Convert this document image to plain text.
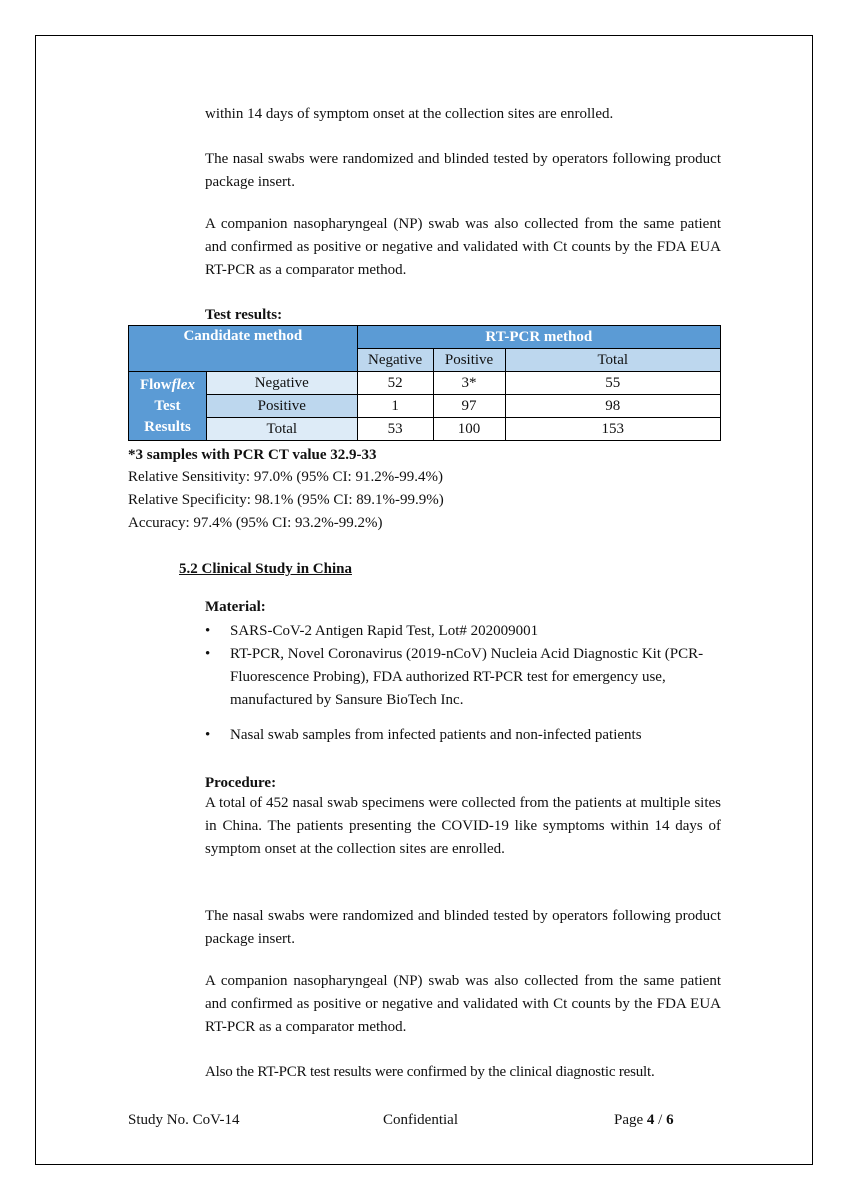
within 14 days of symptom onset at the collection sites are enrolled.

The nasal swabs were randomized and blinded tested by operators following product package insert.

A companion nasopharyngeal (NP) swab was also collected from the same patient and confirmed as positive or negative and validated with Ct counts by the FDA EUA RT-PCR as a comparator method.

Test results:

Candidate method		RT-PCR method		
		Negative	Positive	Total

Flowflex
Test
Results	Negative	52	3*	55
	Positive	1	97	98
	Total	53	100	153

*3 samples with PCR CT value 32.9-33

Relative Sensitivity: 97.0% (95% CI: 91.2%-99.4%)

Relative Specificity: 98.1% (95% CI: 89.1%-99.9%)

Accuracy: 97.4% (95% CI: 93.2%-99.2%)

5.2 Clinical Study in China

Material:

• SARS-CoV-2 Antigen Rapid Test, Lot# 202009001
• RT-PCR, Novel Coronavirus (2019-nCoV) Nucleia Acid Diagnostic Kit (PCR-Fluorescence Probing), FDA authorized RT-PCR test for emergency use, manufactured by Sansure BioTech Inc.
• Nasal swab samples from infected patients and non-infected patients

Procedure:

A total of 452 nasal swab specimens were collected from the patients at multiple sites in China. The patients presenting the COVID-19 like symptoms within 14 days of symptom onset at the collection sites are enrolled.

The nasal swabs were randomized and blinded tested by operators following product package insert.

A companion nasopharyngeal (NP) swab was also collected from the same patient and confirmed as positive or negative and validated with Ct counts by the FDA EUA RT-PCR as a comparator method.

Also the RT-PCR test results were confirmed by the clinical diagnostic result.

Study No. CoV-14	Confidential	Page 4 / 6
